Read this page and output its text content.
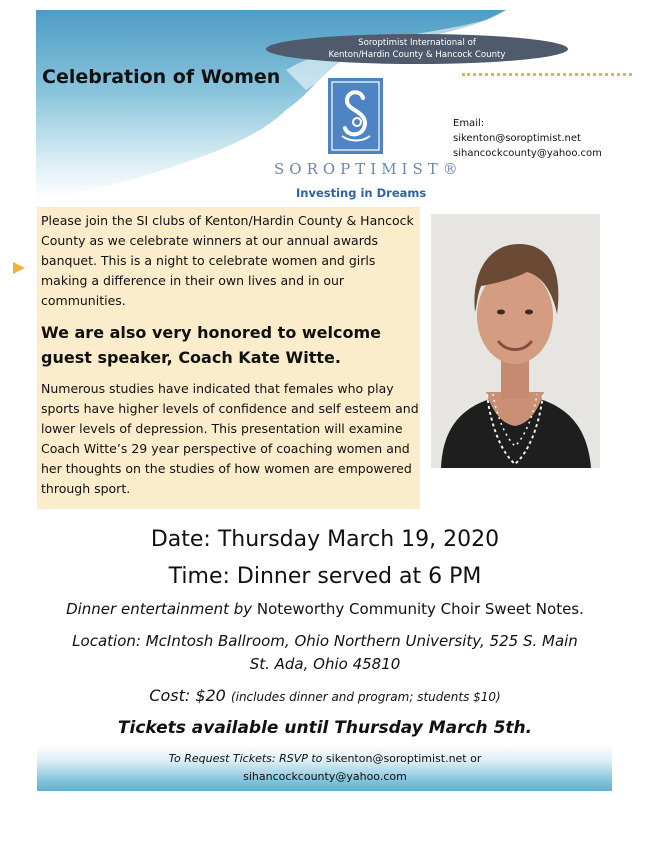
Soroptimist International of
Kenton/Hardin County & Hancock County
Celebration of Women
SOROPTIMIST®
Investing in Dreams
Email:
sikenton@soroptimist.net
sihancockcounty@yahoo.com
Please join the SI clubs of Kenton/Hardin County & Hancock County as we celebrate winners at our annual awards banquet. This is a night to celebrate women and girls making a difference in their own lives and in our communities.
We are also very honored to welcome guest speaker, Coach Kate Witte.
Numerous studies have indicated that females who play sports have higher levels of confidence and self esteem and lower levels of depression. This presentation will examine Coach Witte’s 29 year perspective of coaching women and her thoughts on the studies of how women are empowered through sport.
Date: Thursday March 19, 2020
Time: Dinner served at 6 PM
Dinner entertainment by Noteworthy Community Choir Sweet Notes.
Location: McIntosh Ballroom, Ohio Northern University, 525 S. Main
St. Ada, Ohio 45810
Cost: $20 (includes dinner and program; students $10)
Tickets available until Thursday March 5th.
To Request Tickets: RSVP to sikenton@soroptimist.net or
sihancockcounty@yahoo.com
